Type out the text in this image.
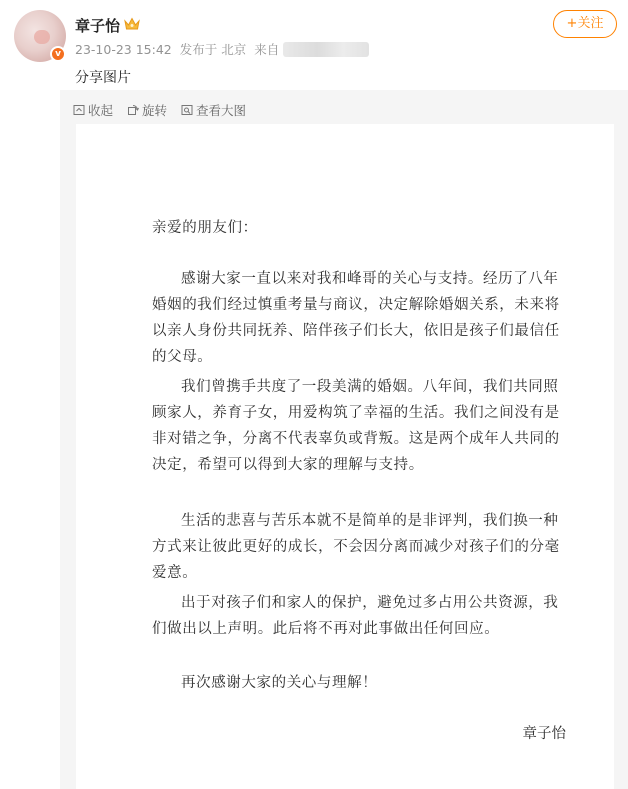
v
章子怡
23-10-23 15:42 发布于 北京 来自
+关注
分享图片
收起 旋转 查看大图

亲爱的朋友们：

感谢大家一直以来对我和峰哥的关心与支持。经历了八年婚姻的我们经过慎重考量与商议，决定解除婚姻关系，未来将以亲人身份共同抚养、陪伴孩子们长大，依旧是孩子们最信任的父母。

我们曾携手共度了一段美满的婚姻。八年间，我们共同照顾家人，养育子女，用爱构筑了幸福的生活。我们之间没有是非对错之争，分离不代表辜负或背叛。这是两个成年人共同的决定，希望可以得到大家的理解与支持。

生活的悲喜与苦乐本就不是简单的是非评判，我们换一种方式来让彼此更好的成长，不会因分离而减少对孩子们的分毫爱意。

出于对孩子们和家人的保护，避免过多占用公共资源，我们做出以上声明。此后将不再对此事做出任何回应。

再次感谢大家的关心与理解！

章子怡
